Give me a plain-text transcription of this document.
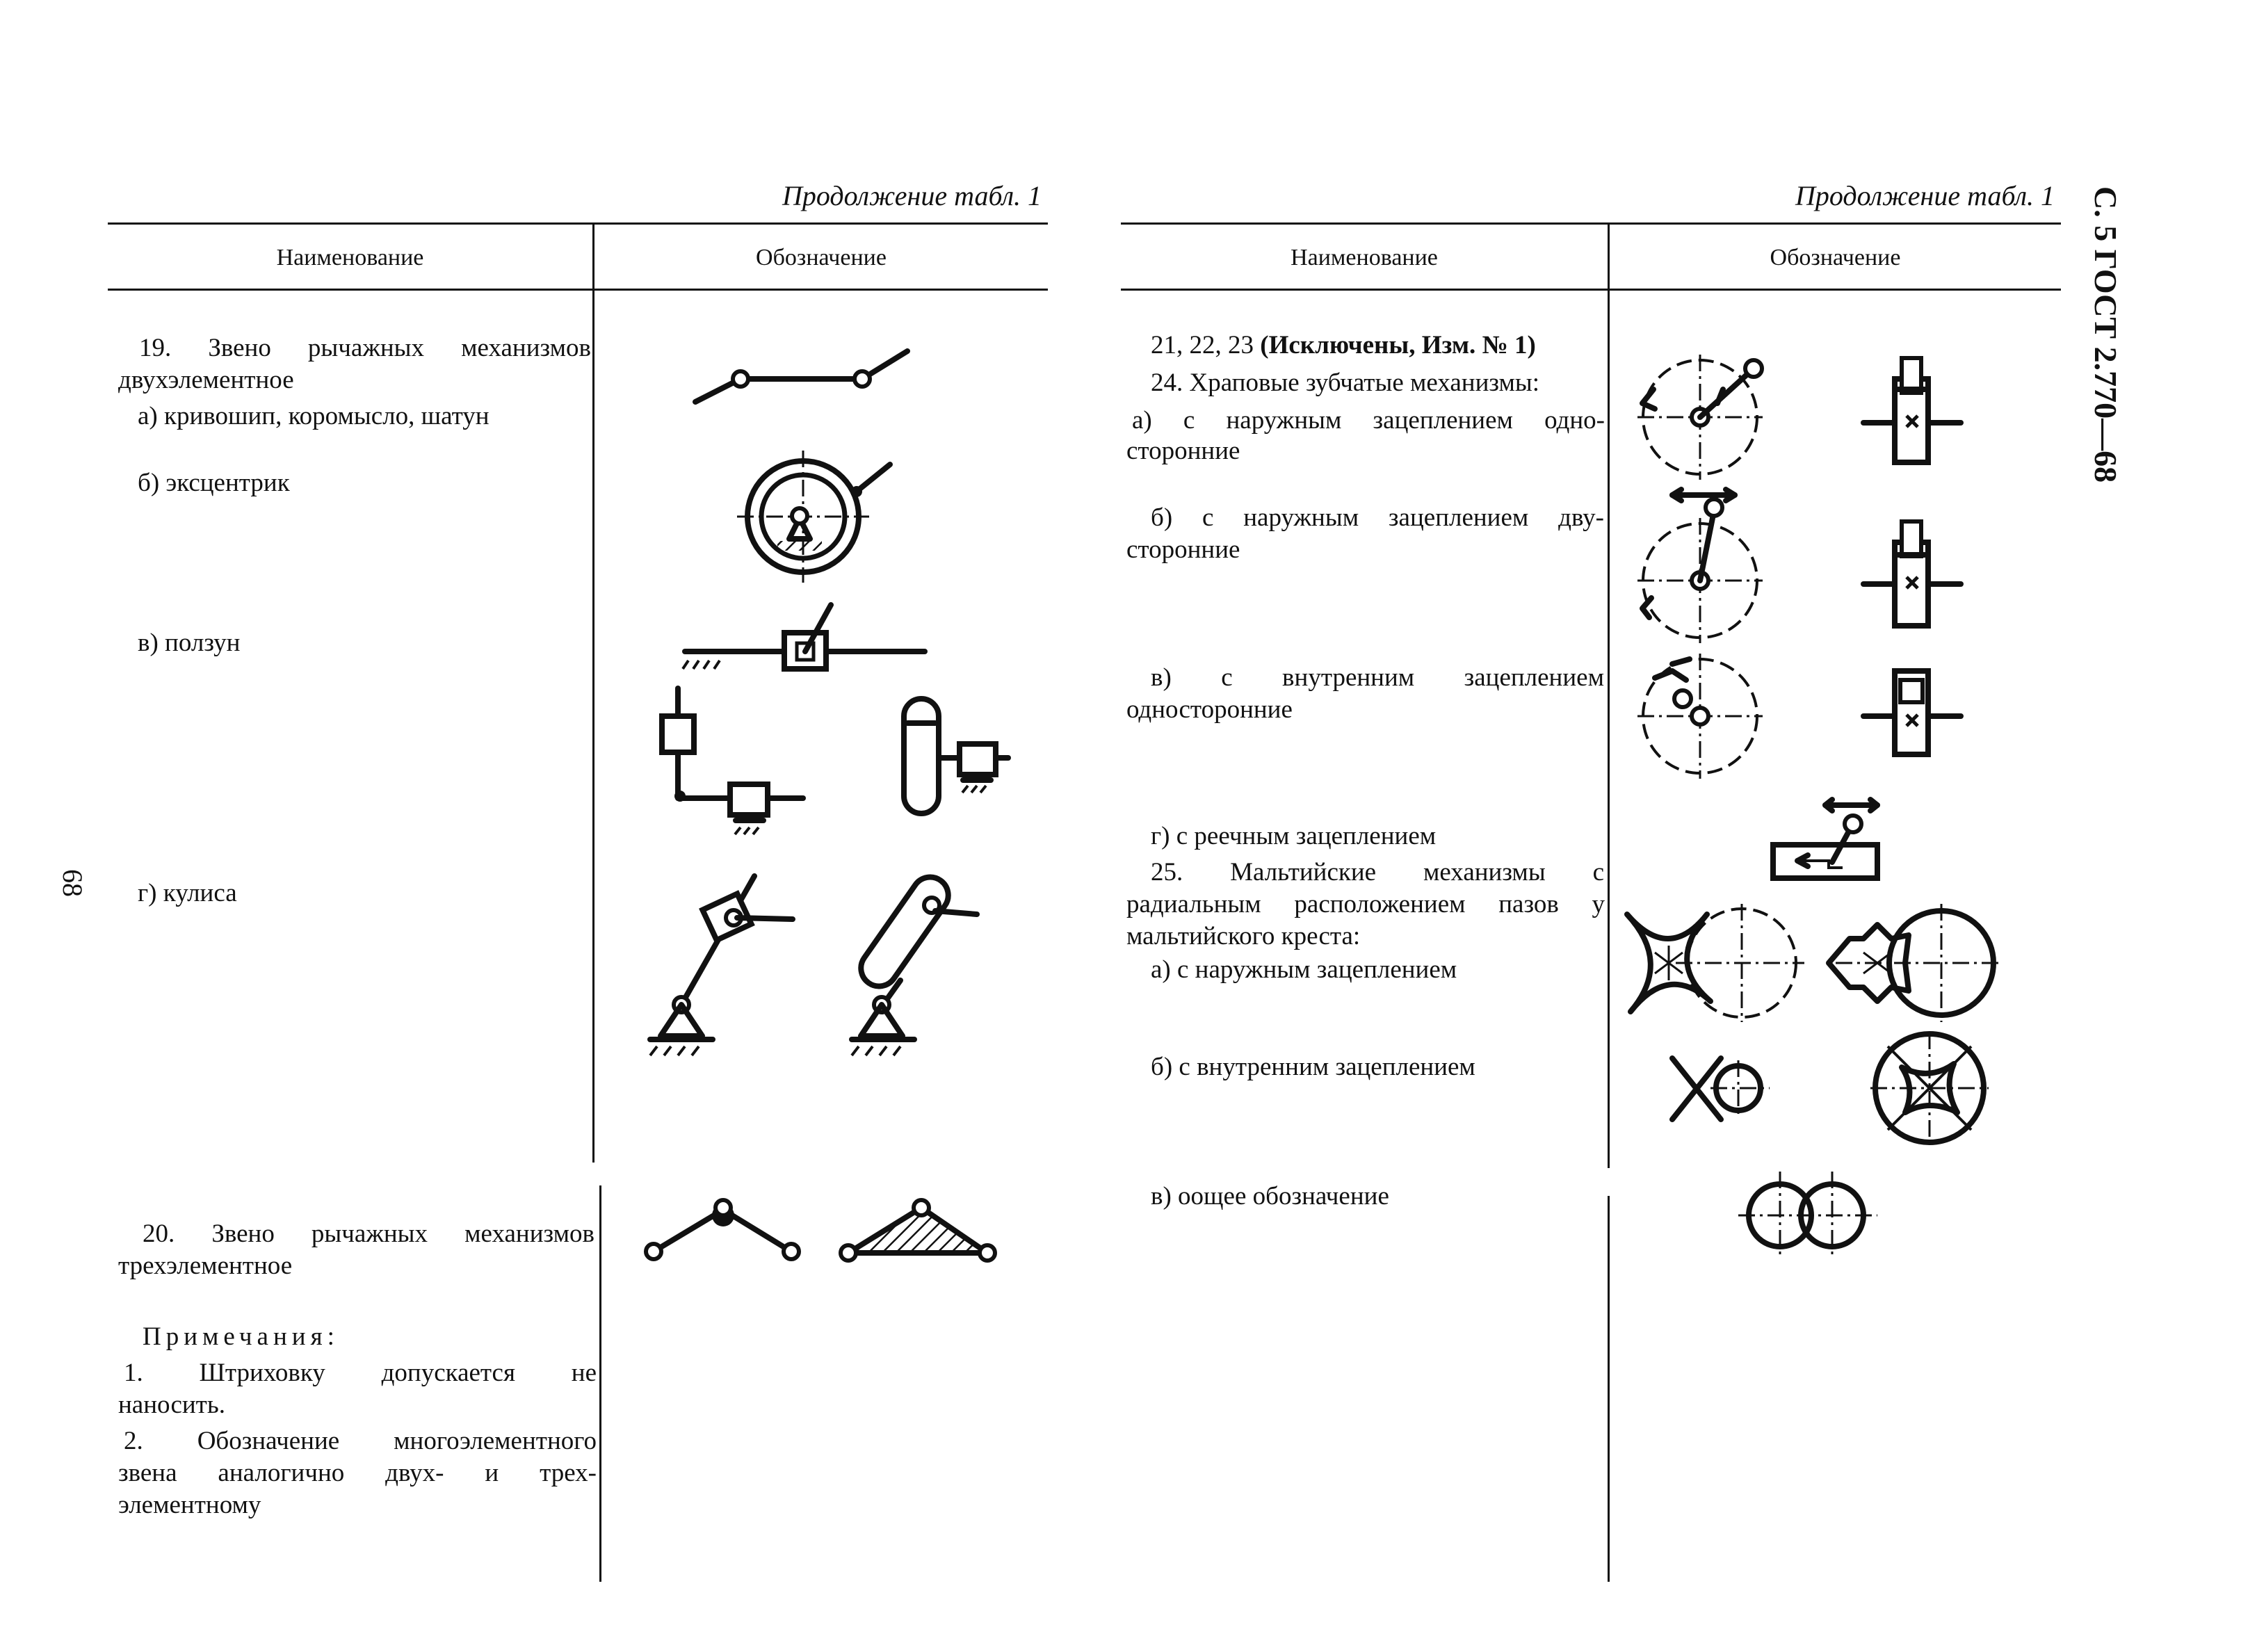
Продолжение табл. 1	Продолжение табл. 1 С. 5 ГОСТ 2.770—68
68
Наименование	Обозначение
19. Звено рычажных механизмов
двухэлементное
а) кривошип, коромысло, шатун
б) эксцентрик
в) ползун
г) кулиса
20. Звено рычажных механизмов
трехэлементное
Примечания:
1. Штриховку допускается не
наносить.
2. Обозначение многоэлементного
звена аналогично двух- и трех-
элементному
Наименование	Обозначение
21, 22, 23 (Исключены, Изм. № 1)
24. Храповые зубчатые механизмы:
а) с наружным зацеплением одно-
сторонние
б) с наружным зацеплением дву-
сторонние
в) с внутренним зацеплением
односторонние
г) с реечным зацеплением
25. Мальтийские механизмы с
радиальным расположением пазов у
мальтийского креста:
а) с наружным зацеплением
б) с внутренним зацеплением
в) оощее обозначение
